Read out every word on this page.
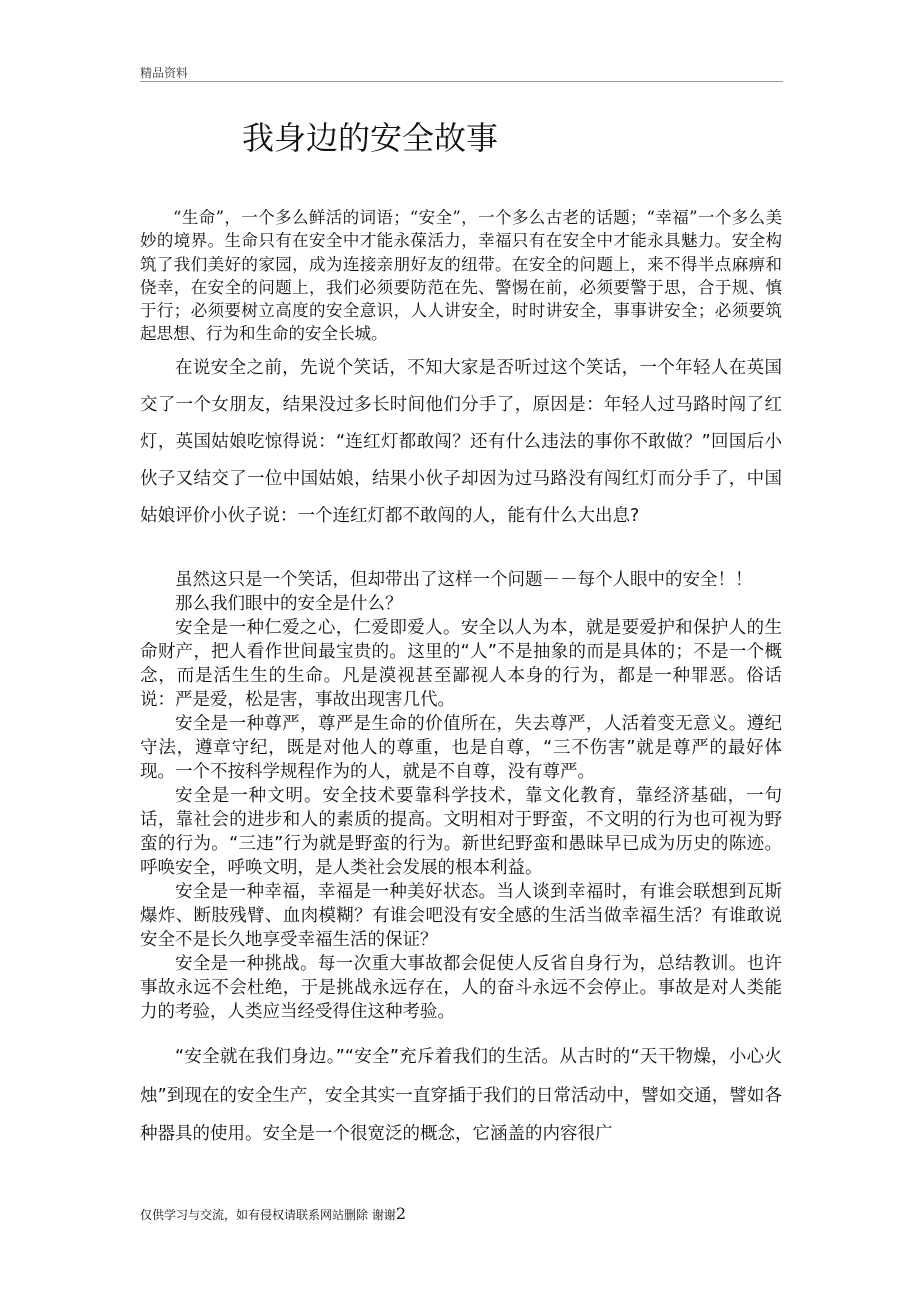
精品资料
我身边的安全故事

“生命”，一个多么鲜活的词语；“安全”，一个多么古老的话题；“幸福”一个多么美妙的境界。生命只有在安全中才能永葆活力，幸福只有在安全中才能永具魅力。安全构筑了我们美好的家园，成为连接亲朋好友的纽带。在安全的问题上，来不得半点麻痹和侥幸，在安全的问题上，我们必须要防范在先、警惕在前，必须要警于思，合于规、慎于行；必须要树立高度的安全意识，人人讲安全，时时讲安全，事事讲安全；必须要筑起思想、行为和生命的安全长城。

在说安全之前，先说个笑话，不知大家是否听过这个笑话，一个年轻人在英国交了一个女朋友，结果没过多长时间他们分手了，原因是：年轻人过马路时闯了红灯，英国姑娘吃惊得说：“连红灯都敢闯？还有什么违法的事你不敢做？”回国后小伙子又结交了一位中国姑娘，结果小伙子却因为过马路没有闯红灯而分手了，中国姑娘评价小伙子说：一个连红灯都不敢闯的人，能有什么大出息?

虽然这只是一个笑话，但却带出了这样一个问题－－每个人眼中的安全！！

那么我们眼中的安全是什么？

安全是一种仁爱之心，仁爱即爱人。安全以人为本，就是要爱护和保护人的生命财产，把人看作世间最宝贵的。这里的“人”不是抽象的而是具体的；不是一个概念，而是活生生的生命。凡是漠视甚至鄙视人本身的行为，都是一种罪恶。俗话说：严是爱，松是害，事故出现害几代。

安全是一种尊严，尊严是生命的价值所在，失去尊严，人活着变无意义。遵纪守法，遵章守纪，既是对他人的尊重，也是自尊，“三不伤害”就是尊严的最好体现。一个不按科学规程作为的人，就是不自尊，没有尊严。

安全是一种文明。安全技术要靠科学技术，靠文化教育，靠经济基础，一句话，靠社会的进步和人的素质的提高。文明相对于野蛮，不文明的行为也可视为野蛮的行为。“三违”行为就是野蛮的行为。新世纪野蛮和愚昧早已成为历史的陈迹。呼唤安全，呼唤文明，是人类社会发展的根本利益。

安全是一种幸福，幸福是一种美好状态。当人谈到幸福时，有谁会联想到瓦斯爆炸、断肢残臂、血肉模糊？有谁会吧没有安全感的生活当做幸福生活？有谁敢说安全不是长久地享受幸福生活的保证？

安全是一种挑战。每一次重大事故都会促使人反省自身行为，总结教训。也许事故永远不会杜绝，于是挑战永远存在，人的奋斗永远不会停止。事故是对人类能力的考验，人类应当经受得住这种考验。

“安全就在我们身边。”“安全”充斥着我们的生活。从古时的“天干物燥，小心火烛”到现在的安全生产，安全其实一直穿插于我们的日常活动中，譬如交通，譬如各种器具的使用。安全是一个很宽泛的概念，它涵盖的内容很广

仅供学习与交流，如有侵权请联系网站删除 谢谢2
